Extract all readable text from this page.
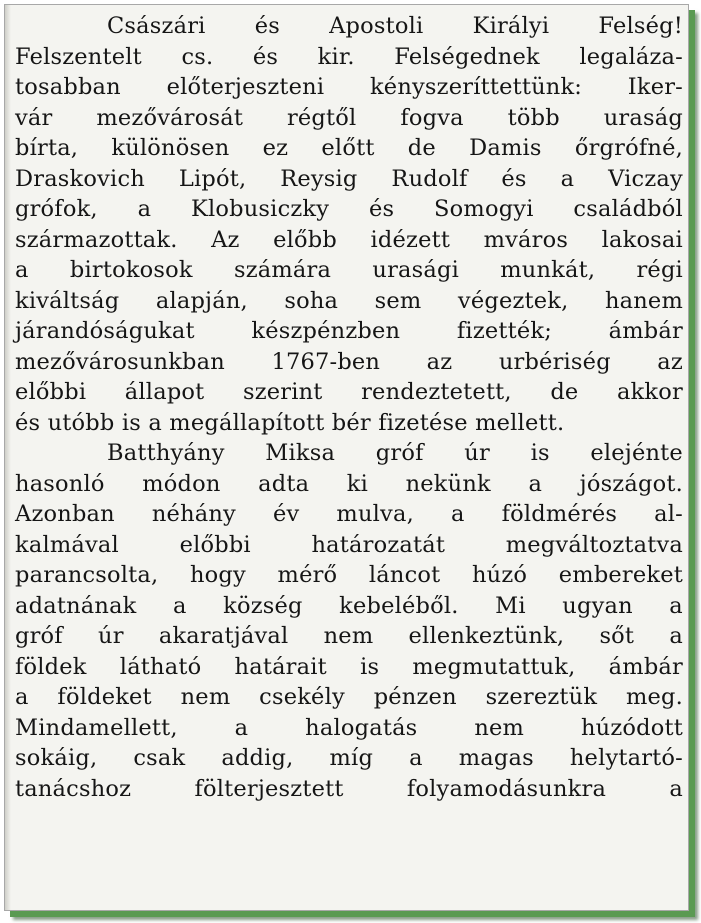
Császári és Apostoli Királyi Felség!
Felszentelt cs. és kir. Felségednek legaláza-
tosabban előterjeszteni kényszeríttettünk: Iker-
vár mezővárosát régtől fogva több uraság
bírta, különösen ez előtt de Damis őrgrófné,
Draskovich Lipót, Reysig Rudolf és a Viczay
grófok, a Klobusiczky és Somogyi családból
származottak. Az előbb idézett mváros lakosai
a birtokosok számára urasági munkát, régi
kiváltság alapján, soha sem végeztek, hanem
járandóságukat	készpénzben	fizették;	ámbár
mezővárosunkban 1767-ben az urbériség az
előbbi állapot szerint rendeztetett, de akkor
és utóbb is a megállapított bér fizetése mellett.
Batthyány Miksa gróf úr is elejénte
hasonló módon adta ki nekünk a jószágot.
Azonban néhány év mulva, a földmérés al-
kalmával	előbbi	határozatát	megváltoztatva
parancsolta, hogy mérő láncot húzó embereket
adatnának a község kebeléből. Mi ugyan a
gróf úr akaratjával nem ellenkeztünk, sőt a
földek látható határait is megmutattuk, ámbár
a földeket nem csekély pénzen szereztük meg.
Mindamellett,	a	halogatás	nem	húzódott
sokáig, csak addig, míg a magas helytartó-
tanácshoz	fölterjesztett	folyamodásunkra	a
